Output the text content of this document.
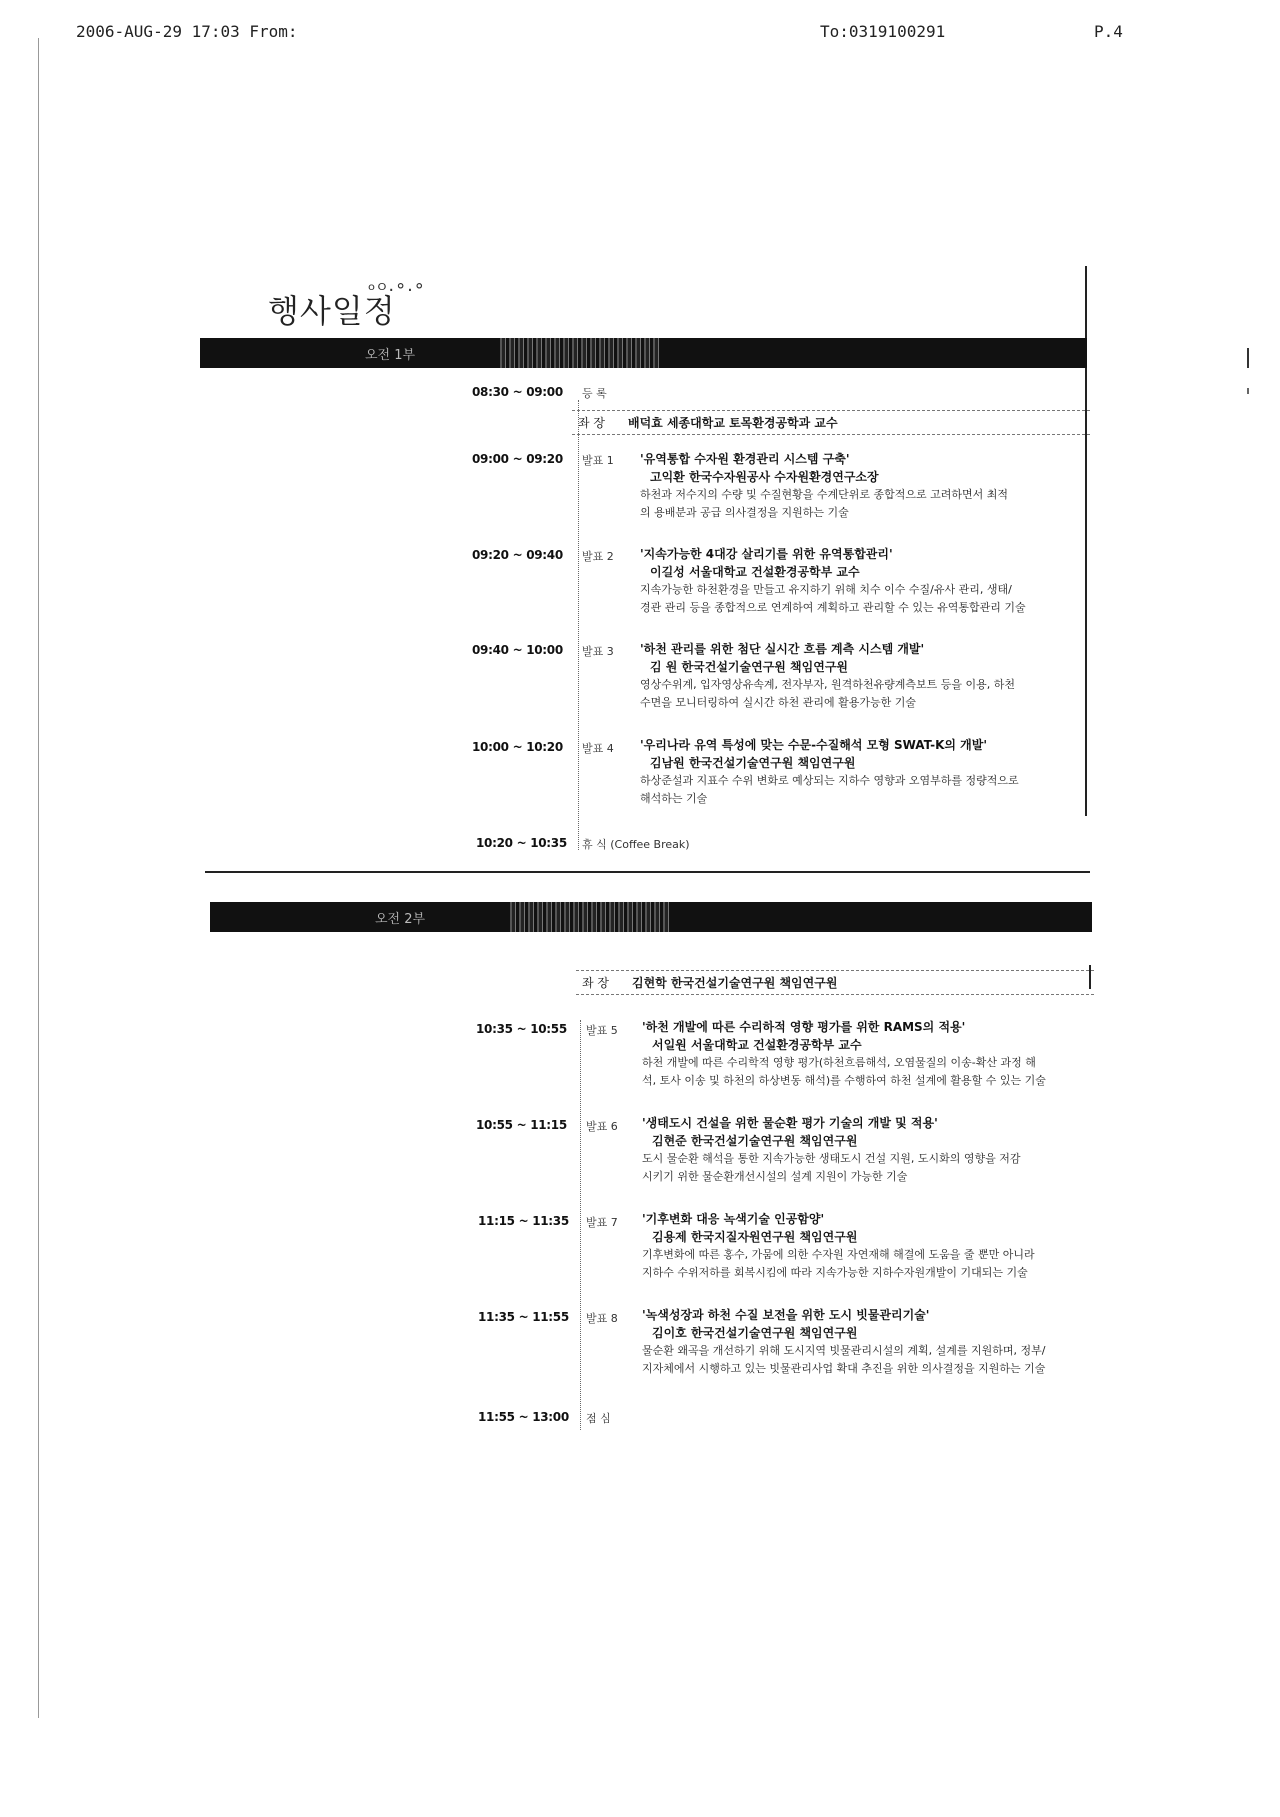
2006-AUG-29 17:03 From:	To:0319100291	P.4
행사일정
ᵒᴼ·°·°
오전 1부
08:30 ~ 09:00 등 록
좌 장 배덕효 세종대학교 토목환경공학과 교수
09:00 ~ 09:20 발표 1 '유역통합 수자원 환경관리 시스템 구축'
고익환 한국수자원공사 수자원환경연구소장
하천과 저수지의 수량 및 수질현황을 수계단위로 종합적으로 고려하면서 최적
의 용배분과 공급 의사결정을 지원하는 기술
09:20 ~ 09:40 발표 2 '지속가능한 4대강 살리기를 위한 유역통합관리'
이길성 서울대학교 건설환경공학부 교수
지속가능한 하천환경을 만들고 유지하기 위해 치수 이수 수질/유사 관리, 생태/
경관 관리 등을 종합적으로 연계하여 계획하고 관리할 수 있는 유역통합관리 기술
09:40 ~ 10:00 발표 3 '하천 관리를 위한 첨단 실시간 흐름 계측 시스템 개발'
김 원 한국건설기술연구원 책임연구원
영상수위계, 입자영상유속계, 전자부자, 원격하천유량계측보트 등을 이용, 하천
수면을 모니터링하여 실시간 하천 관리에 활용가능한 기술
10:00 ~ 10:20 발표 4 '우리나라 유역 특성에 맞는 수문-수질해석 모형 SWAT-K의 개발'
김남원 한국건설기술연구원 책임연구원
하상준설과 지표수 수위 변화로 예상되는 지하수 영향과 오염부하를 정량적으로
해석하는 기술
10:20 ~ 10:35 휴 식 (Coffee Break)
오전 2부
좌 장 김현학 한국건설기술연구원 책임연구원
10:35 ~ 10:55 발표 5 '하천 개발에 따른 수리하적 영향 평가를 위한 RAMS의 적용'
서일원 서울대학교 건설환경공학부 교수
하천 개발에 따른 수리학적 영향 평가(하천흐름해석, 오염물질의 이송-확산 과정 해
석, 토사 이송 및 하천의 하상변동 해석)를 수행하여 하천 설계에 활용할 수 있는 기술
10:55 ~ 11:15 발표 6 '생태도시 건설을 위한 물순환 평가 기술의 개발 및 적용'
김현준 한국건설기술연구원 책임연구원
도시 물순환 해석을 통한 지속가능한 생태도시 건설 지원, 도시화의 영향을 저감
시키기 위한 물순환개선시설의 설계 지원이 가능한 기술
11:15 ~ 11:35 발표 7 '기후변화 대응 녹색기술 인공함양'
김용제 한국지질자원연구원 책임연구원
기후변화에 따른 홍수, 가뭄에 의한 수자원 자연재해 해결에 도움을 줄 뿐만 아니라
지하수 수위저하를 회복시킴에 따라 지속가능한 지하수자원개발이 기대되는 기술
11:35 ~ 11:55 발표 8 '녹색성장과 하천 수질 보전을 위한 도시 빗물관리기술'
김이호 한국건설기술연구원 책임연구원
물순환 왜곡을 개선하기 위해 도시지역 빗물관리시설의 계획, 설계를 지원하며, 정부/
지자체에서 시행하고 있는 빗물관리사업 확대 추진을 위한 의사결정을 지원하는 기술
11:55 ~ 13:00 점 심
